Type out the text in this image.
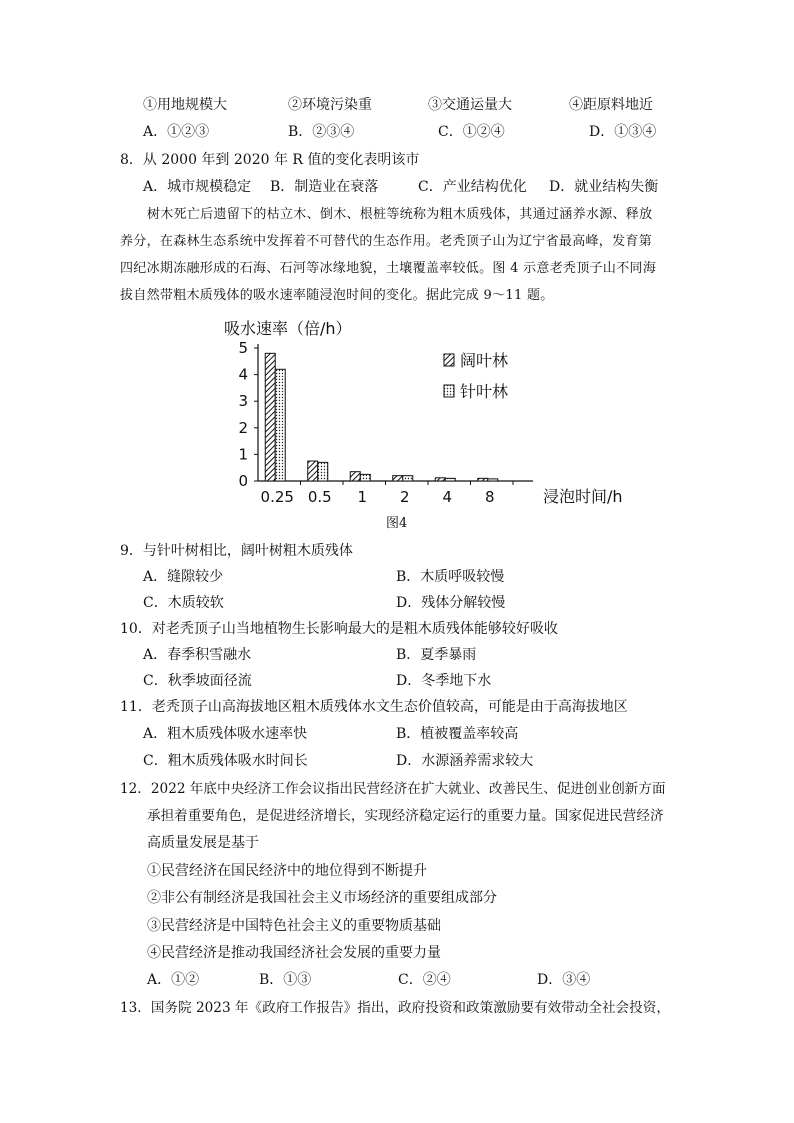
①用地规模大	②环境污染重	③交通运量大	④距原料地近
A．①②③	B．②③④	C．①②④	D．①③④
8．从 2000 年到 2020 年 R 值的变化表明该市
A．城市规模稳定 B．制造业在衰落	C．产业结构优化 D．就业结构失衡
树木死亡后遗留下的枯立木、倒木、根桩等统称为粗木质残体，其通过涵养水源、释放
养分，在森林生态系统中发挥着不可替代的生态作用。老秃顶子山为辽宁省最高峰，发育第
四纪冰期冻融形成的石海、石河等冰缘地貌，土壤覆盖率较低。图 4 示意老秃顶子山不同海
拔自然带粗木质残体的吸水速率随浸泡时间的变化。据此完成 9～11 题。
吸水速率（倍/h）
0
1
2
3
4
5
0.25 0.5 1 2 4 8	浸泡时间/h
阔叶林
针叶林
图4
9．与针叶树相比，阔叶树粗木质残体
A．缝隙较少	B．木质呼吸较慢
C．木质较软	D．残体分解较慢
10．对老秃顶子山当地植物生长影响最大的是粗木质残体能够较好吸收
A．春季积雪融水	B．夏季暴雨
C．秋季坡面径流	D．冬季地下水
11．老秃顶子山高海拔地区粗木质残体水文生态价值较高，可能是由于高海拔地区
A．粗木质残体吸水速率快	B．植被覆盖率较高
C．粗木质残体吸水时间长	D．水源涵养需求较大
12．2022 年底中央经济工作会议指出民营经济在扩大就业、改善民生、促进创业创新方面
承担着重要角色，是促进经济增长，实现经济稳定运行的重要力量。国家促进民营经济
高质量发展是基于
①民营经济在国民经济中的地位得到不断提升
②非公有制经济是我国社会主义市场经济的重要组成部分
③民营经济是中国特色社会主义的重要物质基础
④民营经济是推动我国经济社会发展的重要力量
A．①②	B．①③	C．②④	D．③④
13．国务院 2023 年《政府工作报告》指出，政府投资和政策激励要有效带动全社会投资，
